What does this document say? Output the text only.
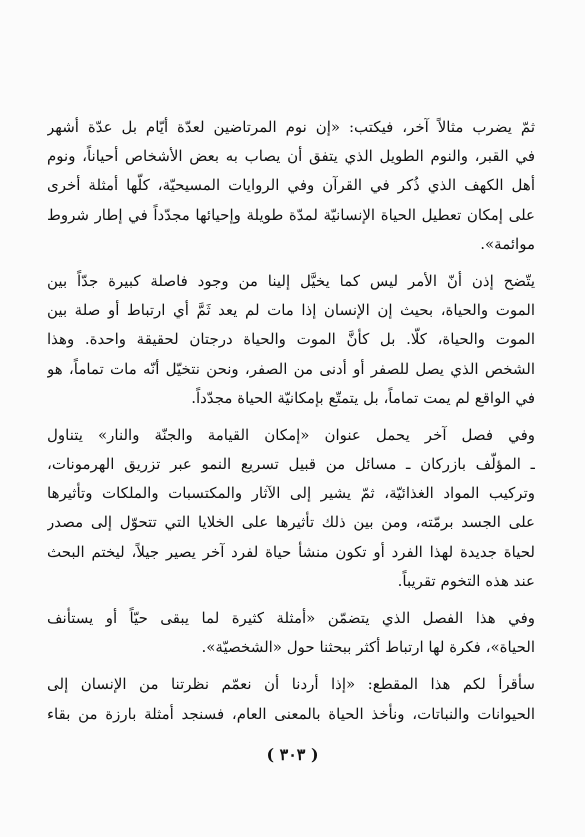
ثمّ يضرب مثالاً آخر، فيكتب: «إن نوم المرتاضين لعدّة أيّام بل عدّة أشهر
في القبر، والنوم الطويل الذي يتفق أن يصاب به بعض الأشخاص أحياناً، ونوم
أهل الكهف الذي ذُكر في القرآن وفي الروايات المسيحيّة، كلّها أمثلة أخرى
على إمكان تعطيل الحياة الإنسانيّة لمدّة طويلة وإحيائها مجدّداً في إطار شروط
موائمة».
يتّضح إذن أنّ الأمر ليس كما يخيَّل إلينا من وجود فاصلة كبيرة جدّاً بين
الموت والحياة، بحيث إن الإنسان إذا مات لم يعد ثَمَّ أي ارتباط أو صلة بين
الموت والحياة، كلّا. بل كأنَّ الموت والحياة درجتان لحقيقة واحدة. وهذا
الشخص الذي يصل للصفر أو أدنى من الصفر، ونحن نتخيّل أنّه مات تماماً، هو
في الواقع لم يمت تماماً، بل يتمتّع بإمكانيّة الحياة مجدّداً.
وفي فصل آخر يحمل عنوان «إمكان القيامة والجنّة والنار» يتناول
ـ المؤلّف بازركان ـ مسائل من قبيل تسريع النمو عبر تزريق الهرمونات،
وتركيب المواد الغذائيّة، ثمّ يشير إلى الآثار والمكتسبات والملكات وتأثيرها
على الجسد برمّته، ومن بين ذلك تأثيرها على الخلايا التي تتحوّل إلى مصدر
لحياة جديدة لهذا الفرد أو تكون منشأ حياة لفرد آخر يصير جيلاً، ليختم البحث
عند هذه التخوم تقريباً.
وفي هذا الفصل الذي يتضمّن «أمثلة كثيرة لما يبقى حيّاً أو يستأنف
الحياة»، فكرة لها ارتباط أكثر ببحثنا حول «الشخصيّة».
سأقرأ لكم هذا المقطع: «إذا أردنا أن نعمّم نظرتنا من الإنسان إلى
الحيوانات والنباتات، ونأخذ الحياة بالمعنى العام، فسنجد أمثلة بارزة من بقاء
( ٣٠٣ )
